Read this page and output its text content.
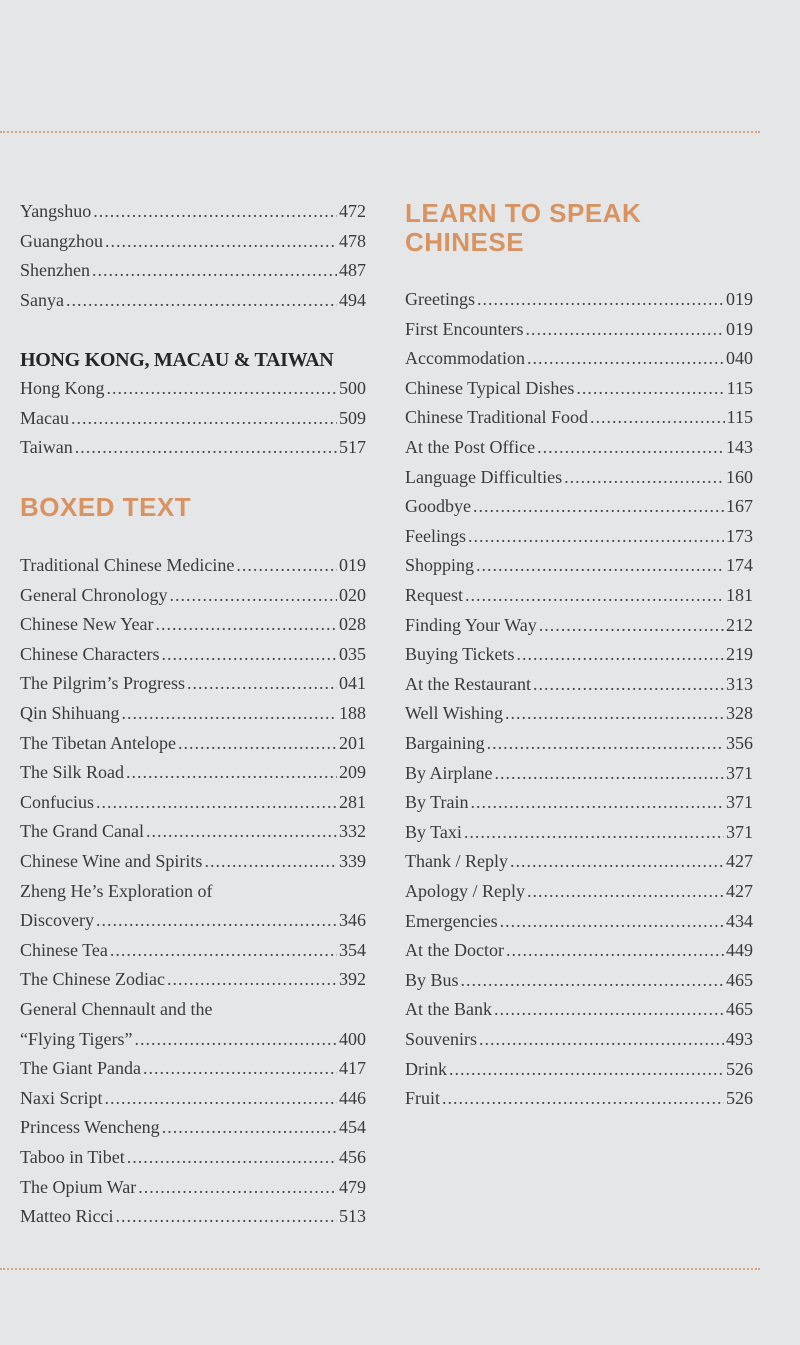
HONG KONG, MACAU & TAIWAN
BOXED TEXT
Yangshuo .....	472
Guangzhou .....	478
Shenzhen .....	487
Sanya .....	494
Hong Kong .....	500
Macau .....	509
Taiwan .....	517
Traditional Chinese Medicine .....	019
General Chronology .....	020
Chinese New Year .....	028
Chinese Characters .....	035
The Pilgrim’s Progress .....	041
Qin Shihuang .....	188
The Tibetan Antelope .....	201
The Silk Road .....	209
Confucius .....	281
The Grand Canal .....	332
Chinese Wine and Spirits .....	339
Zheng He’s Exploration of
Discovery .....	346
Chinese Tea .....	354
The Chinese Zodiac .....	392
General Chennault and the
“Flying Tigers” .....	400
The Giant Panda .....	417
Naxi Script .....	446
Princess Wencheng .....	454
Taboo in Tibet .....	456
The Opium War .....	479
Matteo Ricci .....	513
LEARN TO SPEAK
CHINESE
Greetings .....	019
First Encounters .....	019
Accommodation .....	040
Chinese Typical Dishes .....	115
Chinese Traditional Food .....	115
At the Post Office .....	143
Language Difficulties .....	160
Goodbye .....	167
Feelings .....	173
Shopping .....	174
Request .....	181
Finding Your Way .....	212
Buying Tickets .....	219
At the Restaurant .....	313
Well Wishing .....	328
Bargaining .....	356
By Airplane .....	371
By Train .....	371
By Taxi .....	371
Thank / Reply .....	427
Apology / Reply .....	427
Emergencies .....	434
At the Doctor .....	449
By Bus .....	465
At the Bank .....	465
Souvenirs .....	493
Drink .....	526
Fruit .....	526
